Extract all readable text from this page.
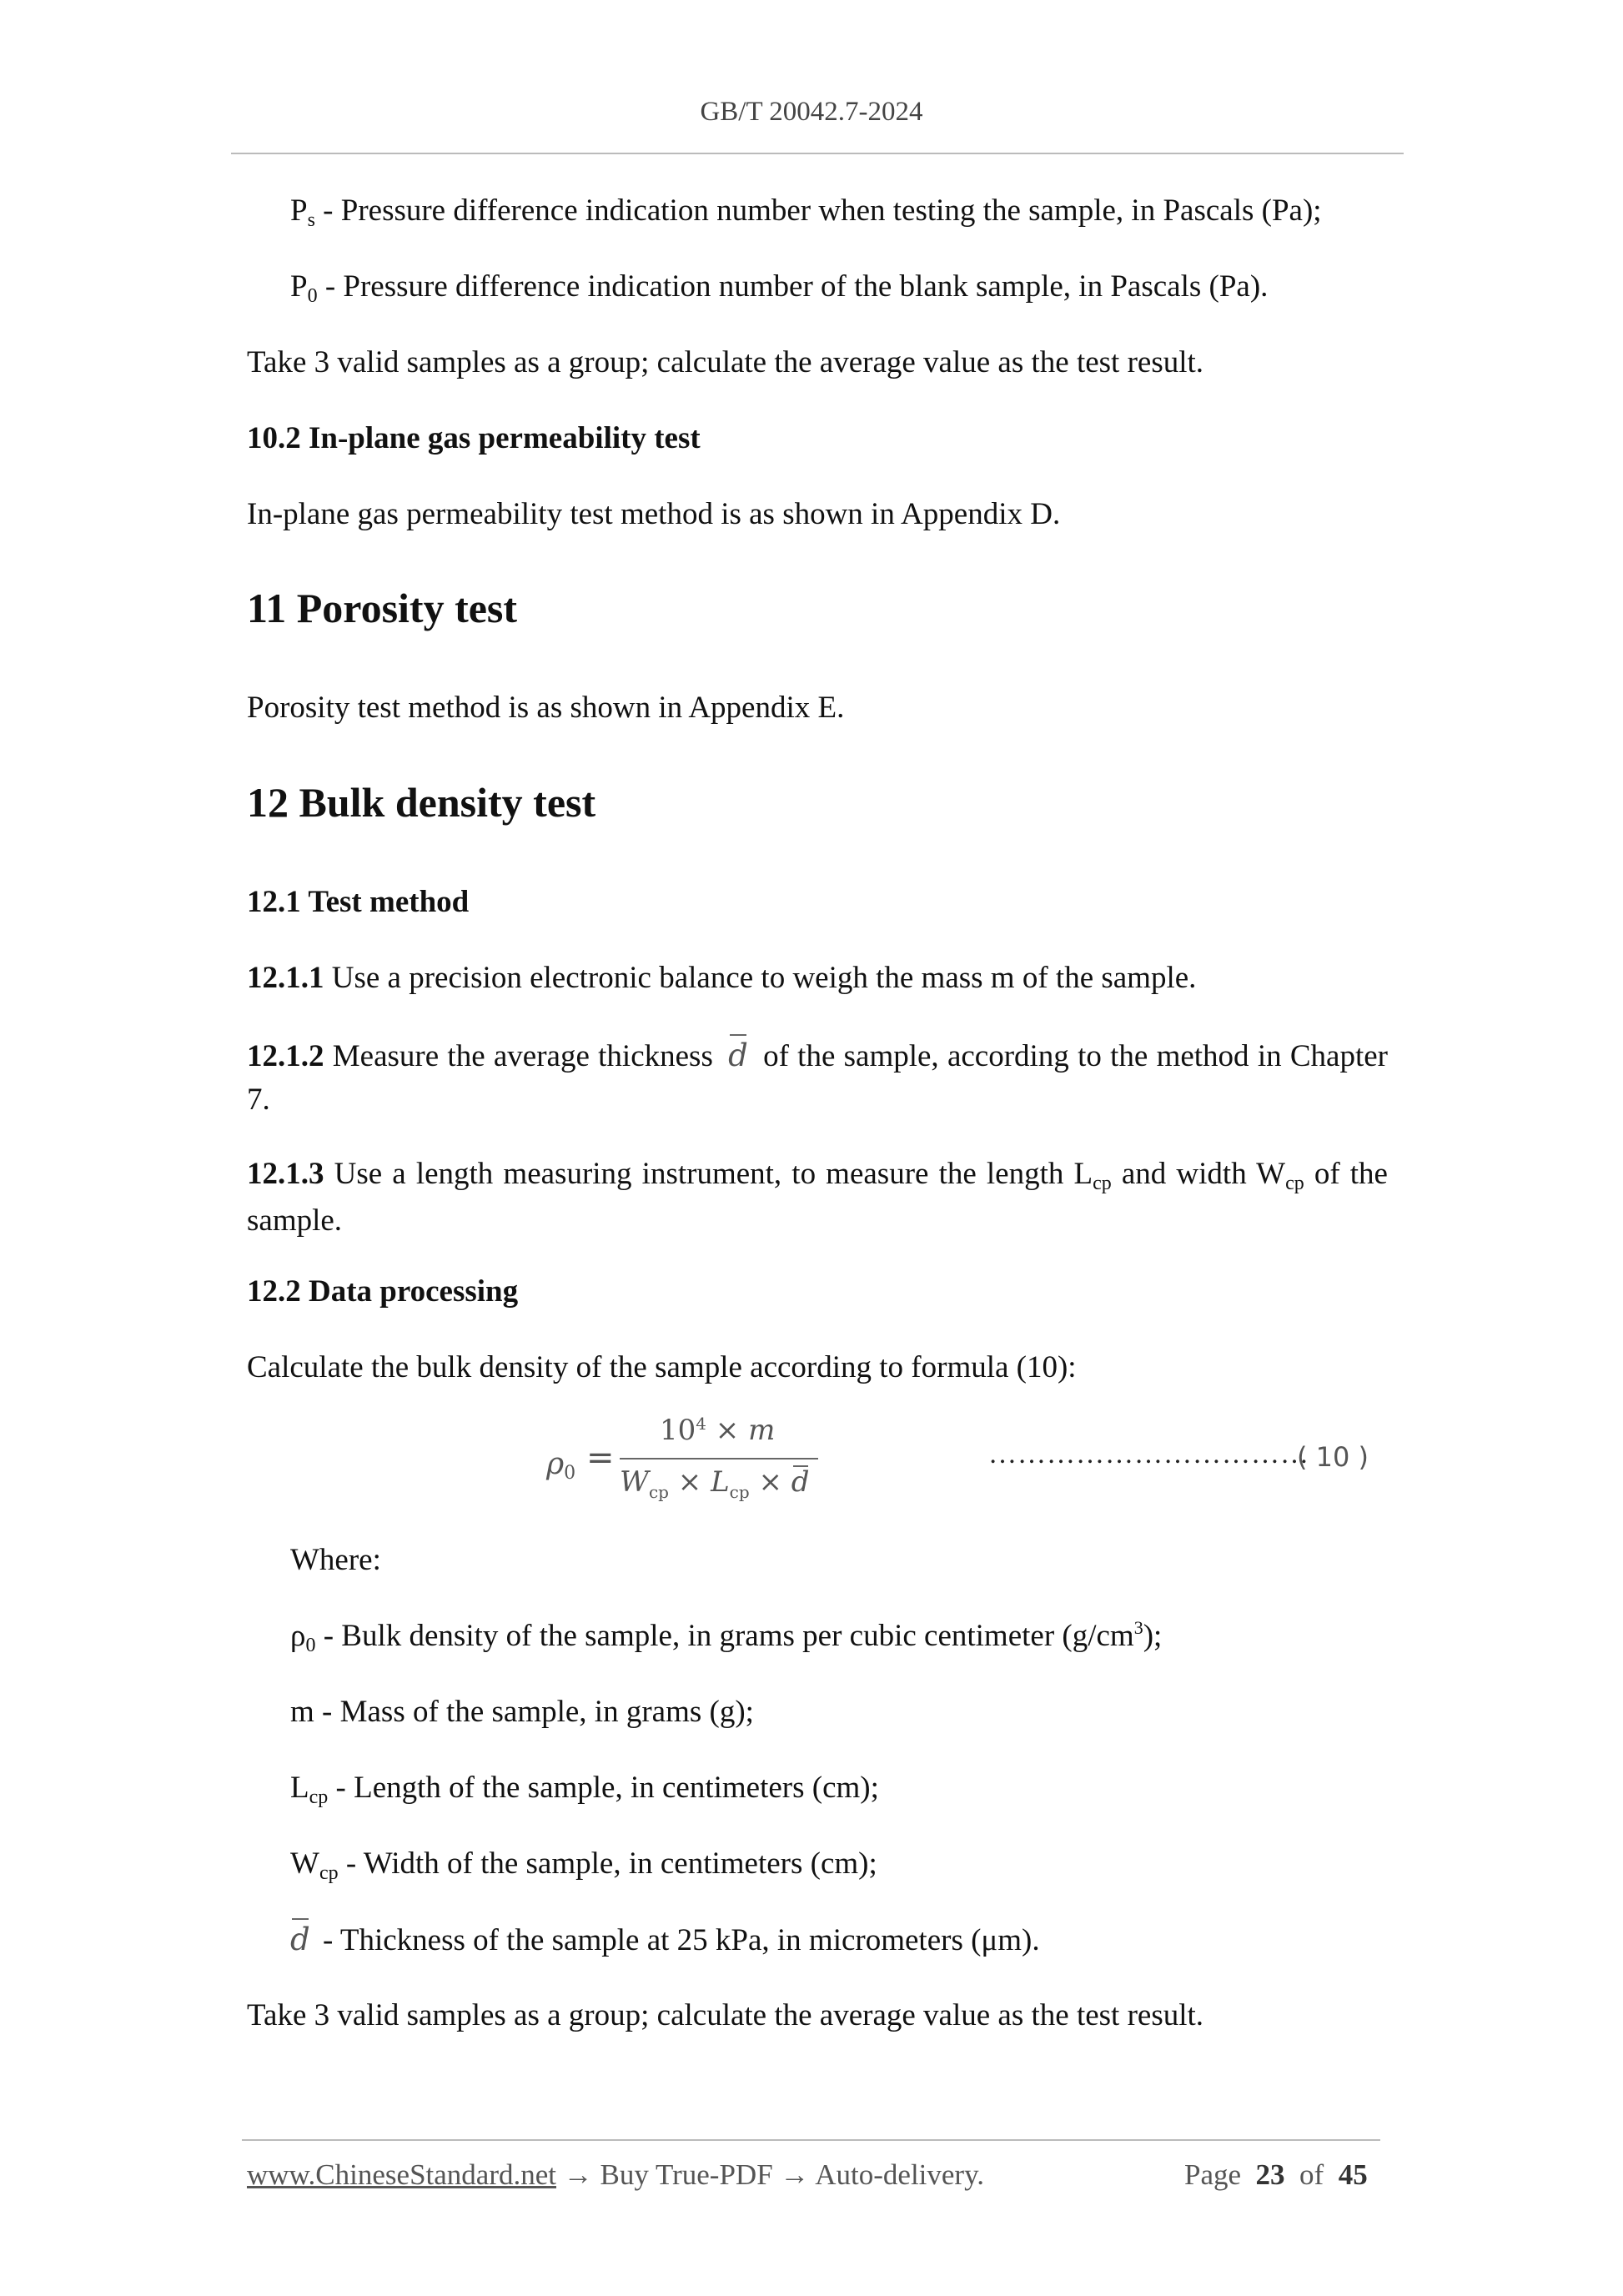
GB/T 20042.7-2024
Ps - Pressure difference indication number when testing the sample, in Pascals (Pa);
P0 - Pressure difference indication number of the blank sample, in Pascals (Pa).
Take 3 valid samples as a group; calculate the average value as the test result.
10.2 In-plane gas permeability test
In-plane gas permeability test method is as shown in Appendix D.
11 Porosity test
Porosity test method is as shown in Appendix E.
12 Bulk density test
12.1 Test method
12.1.1 Use a precision electronic balance to weigh the mass m of the sample.
12.1.2 Measure the average thickness d of the sample, according to the method in Chapter 7.
12.1.3 Use a length measuring instrument, to measure the length Lcp and width Wcp of the sample.
12.2 Data processing
Calculate the bulk density of the sample according to formula (10):
ρ0 =
$10^4 \times m$
$W_{cp} \times L_{cp} \times d$
……………………………
( 10 )
Where:
ρ0 - Bulk density of the sample, in grams per cubic centimeter $(g/cm^3)$;
m - Mass of the sample, in grams (g);
Lcp - Length of the sample, in centimeters (cm);
Wcp - Width of the sample, in centimeters (cm);
d - Thickness of the sample at 25 kPa, in micrometers (μm).
Take 3 valid samples as a group; calculate the average value as the test result.
www.ChineseStandard.net → Buy True-PDF → Auto-delivery.	Page 23 of 45
